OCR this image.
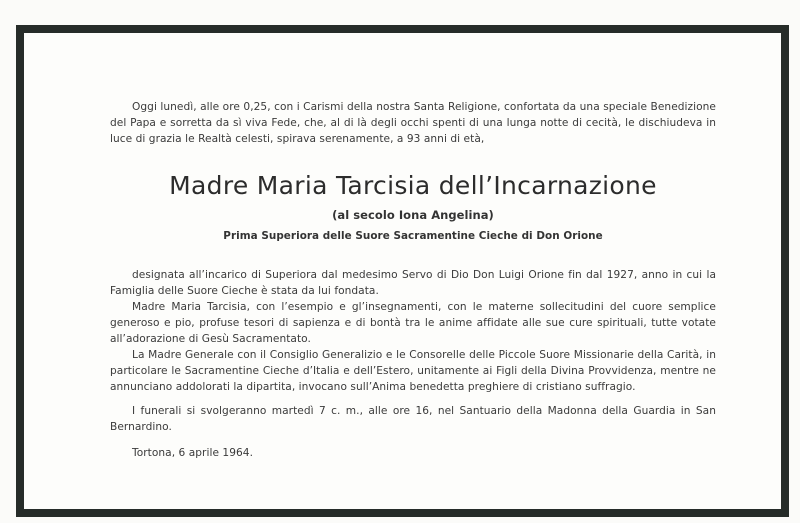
Oggi lunedì, alle ore 0,25, con i Carismi della nostra Santa Religione, confortata da una speciale Benedizione del Papa e sorretta da sì viva Fede, che, al di là degli occhi spenti di una lunga notte di cecità, le dischiudeva in luce di grazia le Realtà celesti, spirava serenamente, a 93 anni di età,

Madre Maria Tarcisia dell’Incarnazione
(al secolo Iona Angelina)
Prima Superiora delle Suore Sacramentine Cieche di Don Orione

designata all’incarico di Superiora dal medesimo Servo di Dio Don Luigi Orione fin dal 1927, anno in cui la Famiglia delle Suore Cieche è stata da lui fondata.

Madre Maria Tarcisia, con l’esempio e gl’insegnamenti, con le materne sollecitudini del cuore semplice generoso e pio, profuse tesori di sapienza e di bontà tra le anime affidate alle sue cure spirituali, tutte votate all’adorazione di Gesù Sacramentato.

La Madre Generale con il Consiglio Generalizio e le Consorelle delle Piccole Suore Missionarie della Carità, in particolare le Sacramentine Cieche d’Italia e dell’Estero, unitamente ai Figli della Divina Provvidenza, mentre ne annunciano addolorati la dipartita, invocano sull’Anima benedetta preghiere di cristiano suffragio.

I funerali si svolgeranno martedì 7 c. m., alle ore 16, nel Santuario della Madonna della Guardia in San Bernardino.

Tortona, 6 aprile 1964.
